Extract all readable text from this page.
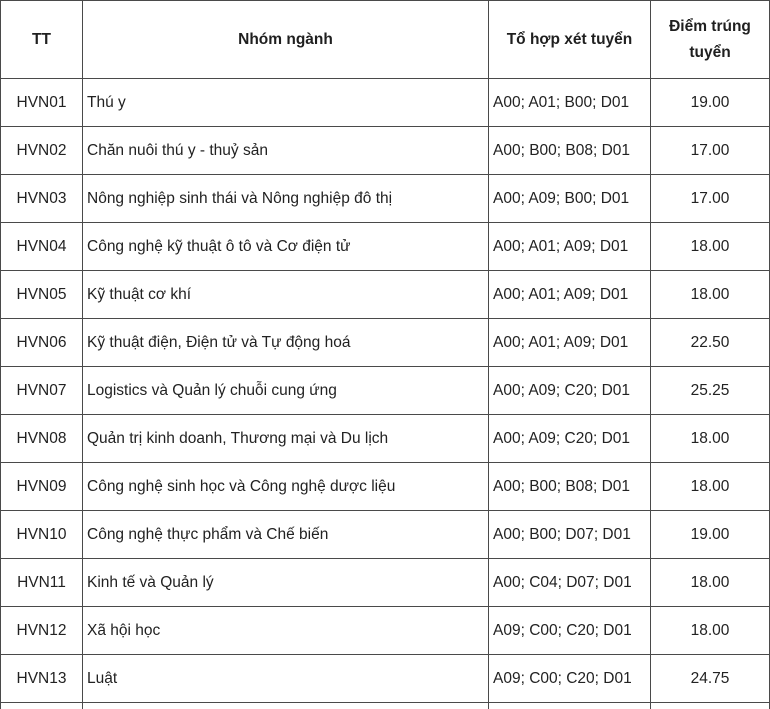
TT	Nhóm ngành	Tổ hợp xét tuyển	Điểm trúng tuyển
HVN01	Thú y	A00; A01; B00; D01	19.00
HVN02	Chăn nuôi thú y - thuỷ sản	A00; B00; B08; D01	17.00
HVN03	Nông nghiệp sinh thái và Nông nghiệp đô thị	A00; A09; B00; D01	17.00
HVN04	Công nghệ kỹ thuật ô tô và Cơ điện tử	A00; A01; A09; D01	18.00
HVN05	Kỹ thuật cơ khí	A00; A01; A09; D01	18.00
HVN06	Kỹ thuật điện, Điện tử và Tự động hoá	A00; A01; A09; D01	22.50
HVN07	Logistics và Quản lý chuỗi cung ứng	A00; A09; C20; D01	25.25
HVN08	Quản trị kinh doanh, Thương mại và Du lịch	A00; A09; C20; D01	18.00
HVN09	Công nghệ sinh học và Công nghệ dược liệu	A00; B00; B08; D01	18.00
HVN10	Công nghệ thực phẩm và Chế biến	A00; B00; D07; D01	19.00
HVN11	Kinh tế và Quản lý	A00; C04; D07; D01	18.00
HVN12	Xã hội học	A09; C00; C20; D01	18.00
HVN13	Luật	A09; C00; C20; D01	24.75
